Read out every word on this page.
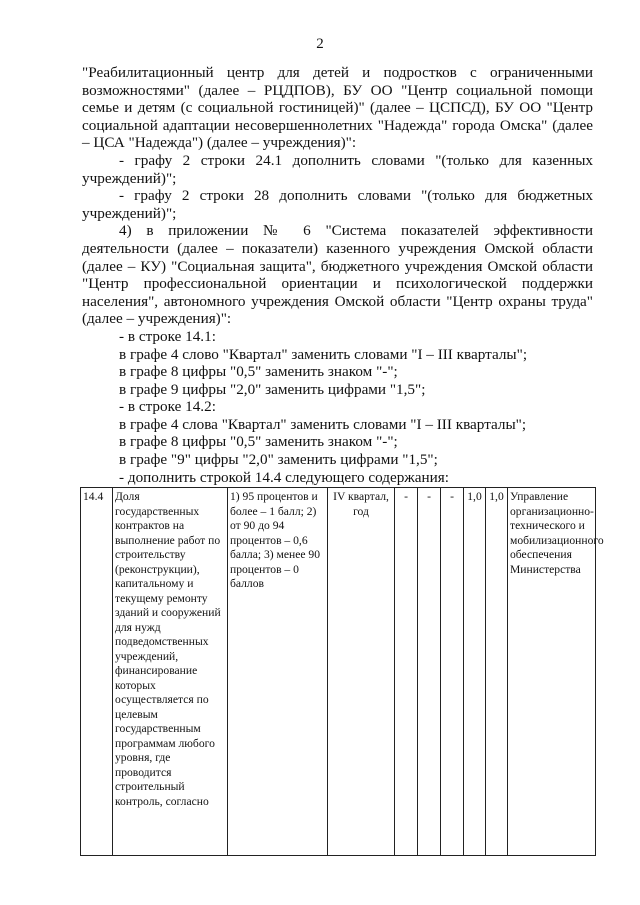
2

"Реабилитационный центр для детей и подростков с ограниченными возможностями" (далее – РЦДПОВ), БУ ОО "Центр социальной помощи семье и детям (с социальной гостиницей)" (далее – ЦСПСД), БУ ОО "Центр социальной адаптации несовершеннолетних "Надежда" города Омска" (далее – ЦСА "Надежда") (далее – учреждения)":

- графу 2 строки 24.1 дополнить словами "(только для казенных учреждений)";

- графу 2 строки 28 дополнить словами "(только для бюджетных учреждений)";

4) в приложении № 6 "Система показателей эффективности деятельности (далее – показатели) казенного учреждения Омской области (далее – КУ) "Социальная защита", бюджетного учреждения Омской области "Центр профессиональной ориентации и психологической поддержки населения", автономного учреждения Омской области "Центр охраны труда" (далее – учреждения)":

- в строке 14.1:

в графе 4 слово "Квартал" заменить словами "I – III кварталы";

в графе 8 цифры "0,5" заменить знаком "-";

в графе 9 цифры "2,0" заменить цифрами "1,5";

- в строке 14.2:

в графе 4 слова "Квартал" заменить словами "I – III кварталы";

в графе 8 цифры "0,5" заменить знаком "-";

в графе "9" цифры "2,0" заменить цифрами "1,5";

- дополнить строкой 14.4 следующего содержания:

14.4	Доля государственных контрактов на выполнение работ по строительству (реконструкции), капитальному и текущему ремонту зданий и сооружений для нужд подведомственных учреждений, финансирование которых осуществляется по целевым государственным программам любого уровня, где проводится строительный контроль, согласно	1) 95 процентов и более – 1 балл; 2) от 90 до 94 процентов – 0,6 балла; 3) менее 90 процентов – 0 баллов	IV квартал, год	-	-	-	1,0	1,0	Управление организационно-технического и мобилизационного обеспечения Министерства
